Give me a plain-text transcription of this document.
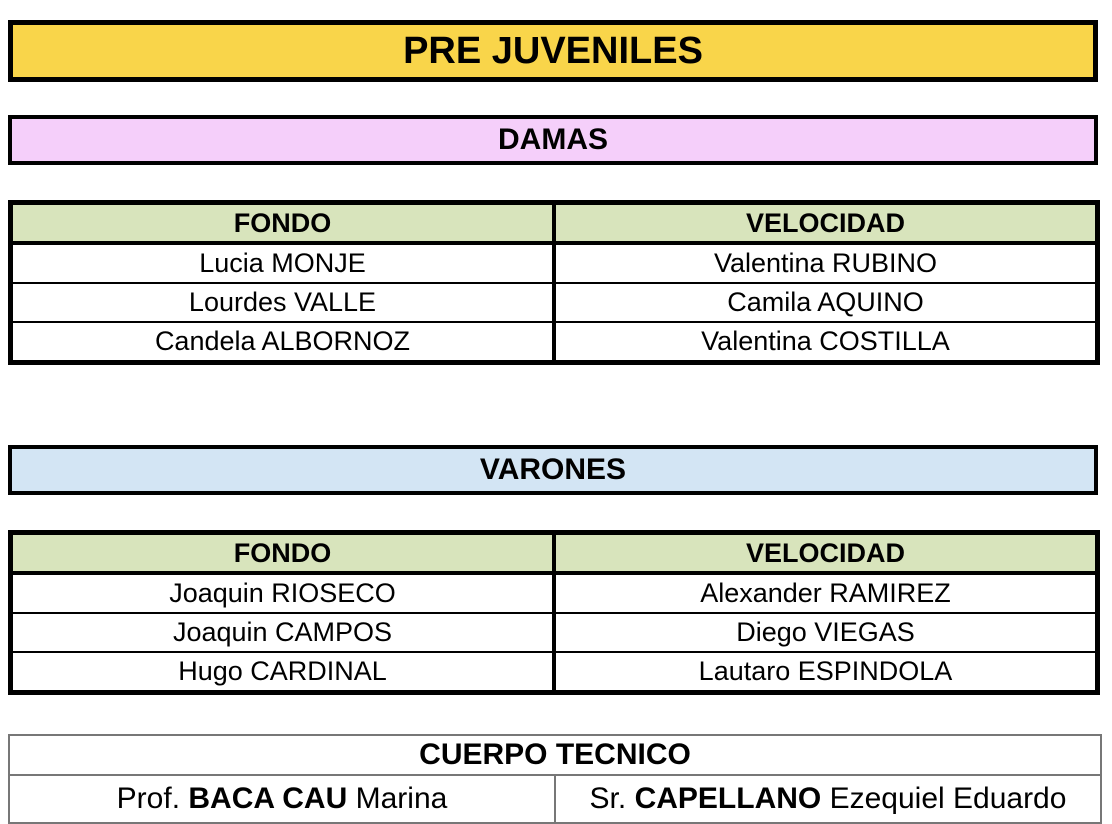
PRE JUVENILES
DAMAS
FONDO	VELOCIDAD
Lucia MONJE	Valentina RUBINO
Lourdes VALLE	Camila AQUINO
Candela ALBORNOZ	Valentina COSTILLA
VARONES
FONDO	VELOCIDAD
Joaquin RIOSECO	Alexander RAMIREZ
Joaquin CAMPOS	Diego VIEGAS
Hugo CARDINAL	Lautaro ESPINDOLA
CUERPO TECNICO
Prof. BACA CAU Marina	Sr. CAPELLANO Ezequiel Eduardo
